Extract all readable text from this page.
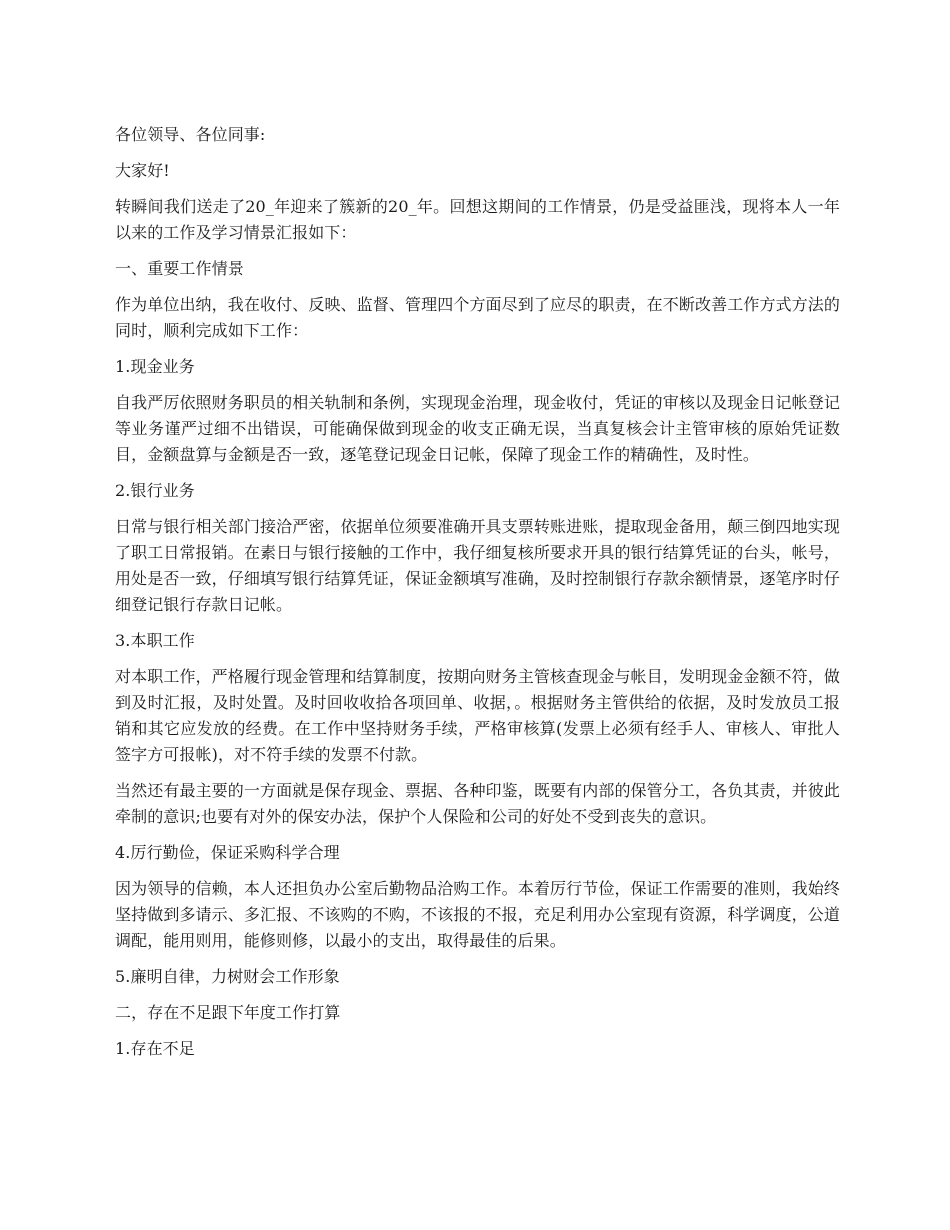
各位领导、各位同事:

大家好!

转瞬间我们送走了20_年迎来了簇新的20_年。回想这期间的工作情景，仍是受益匪浅，现将本人一年以来的工作及学习情景汇报如下：

一、重要工作情景

作为单位出纳，我在收付、反映、监督、管理四个方面尽到了应尽的职责，在不断改善工作方式方法的同时，顺利完成如下工作：

1.现金业务

自我严厉依照财务职员的相关轨制和条例，实现现金治理，现金收付，凭证的审核以及现金日记帐登记等业务谨严过细不出错误，可能确保做到现金的收支正确无误，当真复核会计主管审核的原始凭证数目，金额盘算与金额是否一致，逐笔登记现金日记帐，保障了现金工作的精确性，及时性。

2.银行业务

日常与银行相关部门接洽严密，依据单位须要准确开具支票转账进账，提取现金备用，颠三倒四地实现了职工日常报销。在素日与银行接触的工作中，我仔细复核所要求开具的银行结算凭证的台头，帐号，用处是否一致，仔细填写银行结算凭证，保证金额填写准确，及时控制银行存款余额情景，逐笔序时仔细登记银行存款日记帐。

3.本职工作

对本职工作，严格履行现金管理和结算制度，按期向财务主管核查现金与帐目，发明现金金额不符，做到及时汇报，及时处置。及时回收收拾各项回单、收据，。根据财务主管供给的依据，及时发放员工报销和其它应发放的经费。在工作中坚持财务手续，严格审核算(发票上必须有经手人、审核人、审批人签字方可报帐)，对不符手续的发票不付款。

当然还有最主要的一方面就是保存现金、票据、各种印鉴，既要有内部的保管分工，各负其责，并彼此牵制的意识;也要有对外的保安办法，保护个人保险和公司的好处不受到丧失的意识。

4.厉行勤俭，保证采购科学合理

因为领导的信赖，本人还担负办公室后勤物品洽购工作。本着厉行节俭，保证工作需要的准则，我始终坚持做到多请示、多汇报、不该购的不购，不该报的不报，充足利用办公室现有资源，科学调度，公道调配，能用则用，能修则修，以最小的支出，取得最佳的后果。

5.廉明自律，力树财会工作形象

二，存在不足跟下年度工作打算

1.存在不足
